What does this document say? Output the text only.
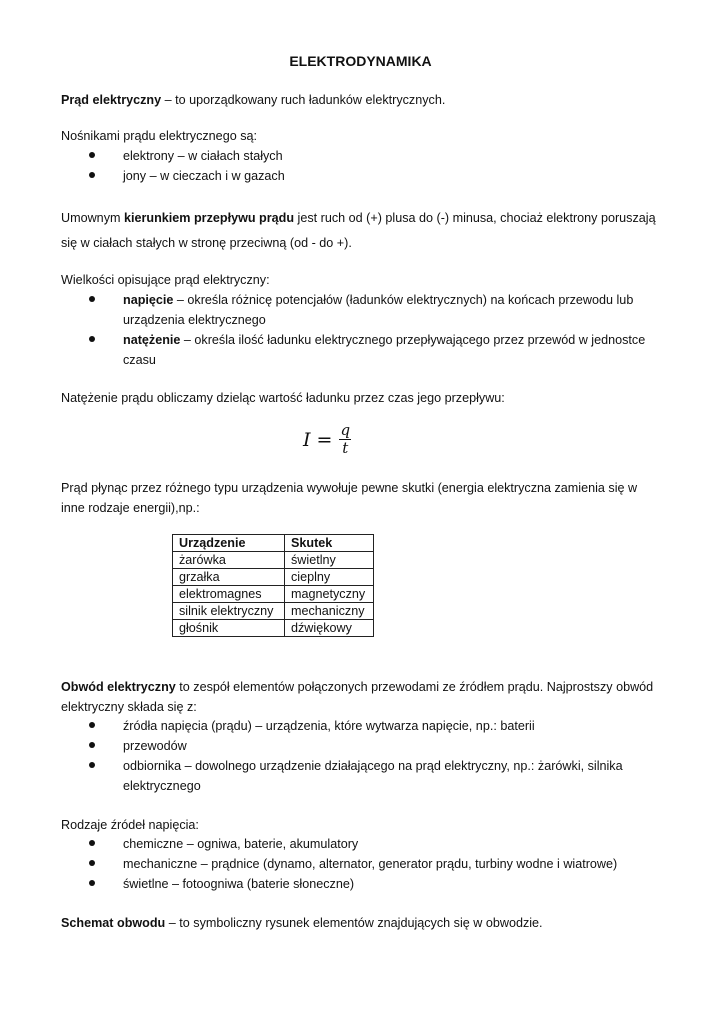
ELEKTRODYNAMIKA

Prąd elektryczny – to uporządkowany ruch ładunków elektrycznych.

Nośnikami prądu elektrycznego są:

elektrony – w ciałach stałych
jony – w cieczach i w gazach

Umownym kierunkiem przepływu prądu jest ruch od (+) plusa do (-) minusa, chociaż elektrony poruszają
się w ciałach stałych w stronę przeciwną (od - do +).

Wielkości opisujące prąd elektryczny:

napięcie – określa różnicę potencjałów (ładunków elektrycznych) na końcach przewodu lub urządzenia elektrycznego
natężenie – określa ilość ładunku elektrycznego przepływającego przez przewód w jednostce czasu

Natężenie prądu obliczamy dzieląc wartość ładunku przez czas jego przepływu:

$I = \frac{q}{t}$

Prąd płynąc przez różnego typu urządzenia wywołuje pewne skutki (energia elektryczna zamienia się w inne rodzaje energii),np.:

Urządzenie	Skutek
żarówka	świetlny
grzałka	cieplny
elektromagnes	magnetyczny
silnik elektryczny	mechaniczny
głośnik	dźwiękowy

Obwód elektryczny to zespół elementów połączonych przewodami ze źródłem prądu. Najprostszy obwód elektryczny składa się z:

źródła napięcia (prądu) – urządzenia, które wytwarza napięcie, np.: baterii
przewodów
odbiornika – dowolnego urządzenie działającego na prąd elektryczny, np.: żarówki, silnika elektrycznego

Rodzaje źródeł napięcia:

chemiczne – ogniwa, baterie, akumulatory
mechaniczne – prądnice (dynamo, alternator, generator prądu, turbiny wodne i wiatrowe)
świetlne – fotoogniwa (baterie słoneczne)

Schemat obwodu – to symboliczny rysunek elementów znajdujących się w obwodzie.
